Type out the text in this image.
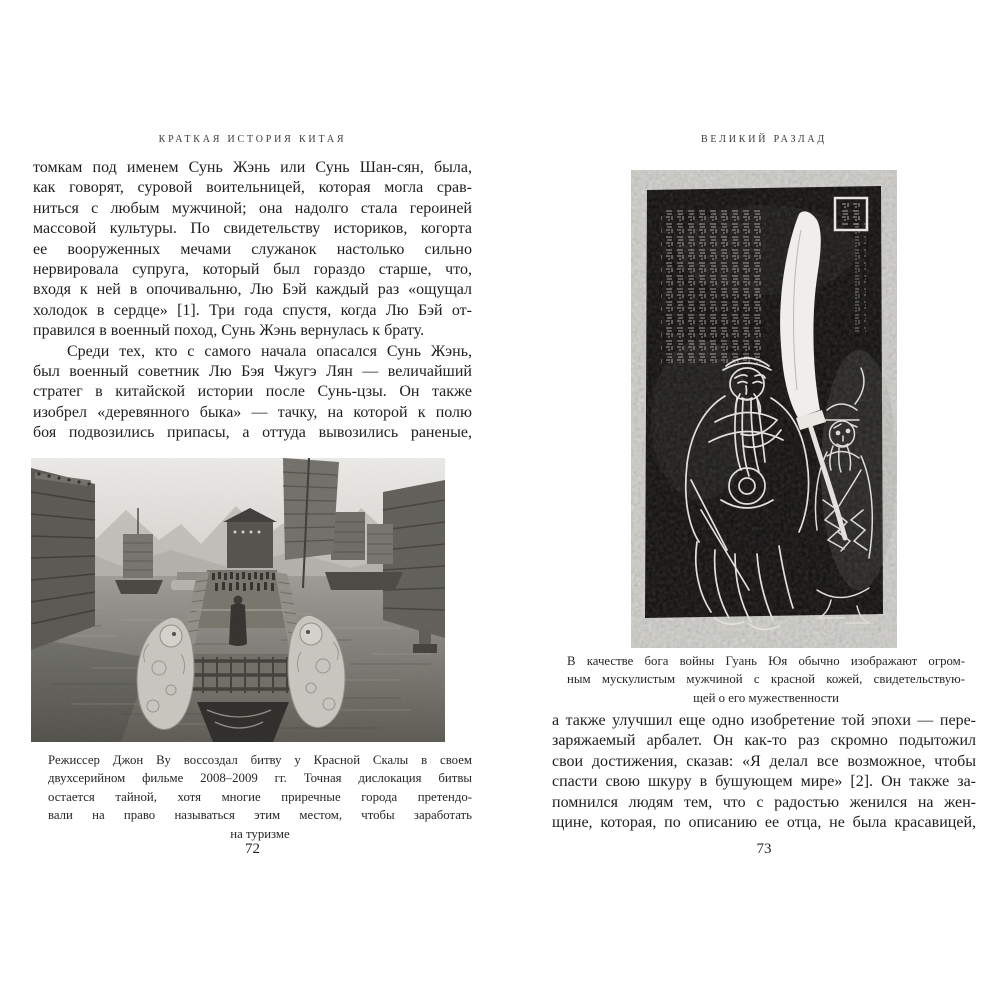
КРАТКАЯ ИСТОРИЯ КИТАЯ
томкам под именем Сунь Жэнь или Сунь Шан-сян, была,
как говорят, суровой воительницей, которая могла срав-
ниться с любым мужчиной; она надолго стала героиней
массовой культуры. По свидетельству историков, когорта
ее вооруженных мечами служанок настолько сильно
нервировала супруга, который был гораздо старше, что,
входя к ней в опочивальню, Лю Бэй каждый раз «ощущал
холодок в сердце» [1]. Три года спустя, когда Лю Бэй от-
правился в военный поход, Сунь Жэнь вернулась к брату.
Среди тех, кто с самого начала опасался Сунь Жэнь,
был военный советник Лю Бэя Чжугэ Лян — величайший
стратег в китайской истории после Сунь-цзы. Он также
изобрел «деревянного быка» — тачку, на которой к полю
боя подвозились припасы, а оттуда вывозились раненые,
Режиссер Джон Ву воссоздал битву у Красной Скалы в своем
двухсерийном фильме 2008–2009 гг. Точная дислокация битвы
остается тайной, хотя многие приречные города претендо-
вали на право называться этим местом, чтобы заработать
на туризме
72
ВЕЛИКИЙ РАЗЛАД
В качестве бога войны Гуань Юя обычно изображают огром-
ным мускулистым мужчиной с красной кожей, свидетельствую-
щей о его мужественности
а также улучшил еще одно изобретение той эпохи — пере-
заряжаемый арбалет. Он как-то раз скромно подытожил
свои достижения, сказав: «Я делал все возможное, чтобы
спасти свою шкуру в бушующем мире» [2]. Он также за-
помнился людям тем, что с радостью женился на жен-
щине, которая, по описанию ее отца, не была красавицей,
73
